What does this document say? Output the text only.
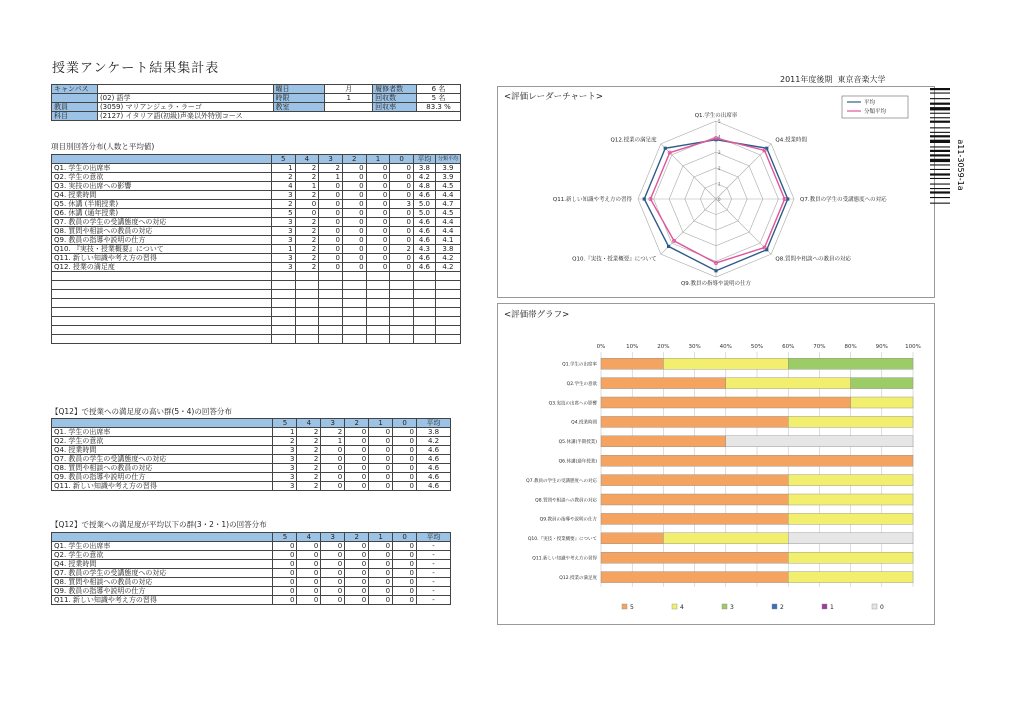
授業アンケート結果集計表
2011年度後期 東京音楽大学
キャンパス		曜日	月	履修者数	6 名
	(02) 語学	時限	1	回収数	5 名
教員	(3059) マリアンジェラ・ラーゴ	教室		回収率	83.3 %
科目	(2127) イタリア語(初級)声楽以外特別コース				
項目別回答分布(人数と平均値)
	5	4	3	2	1	0	平均	分類平均
Q1. 学生の出席率	1	2	2	0	0	0	3.8	3.9
Q2. 学生の意欲	2	2	1	0	0	0	4.2	3.9
Q3. 実技の出席への影響	4	1	0	0	0	0	4.8	4.5
Q4. 授業時間	3	2	0	0	0	0	4.6	4.4
Q5. 休講 (半期授業)	2	0	0	0	0	3	5.0	4.7
Q6. 休講 (通年授業)	5	0	0	0	0	0	5.0	4.5
Q7. 教員の学生の受講態度への対応	3	2	0	0	0	0	4.6	4.4
Q8. 質問や相談への教員の対応	3	2	0	0	0	0	4.6	4.4
Q9. 教員の指導や説明の仕方	3	2	0	0	0	0	4.6	4.1
Q10. 『実技・授業概要』について	1	2	0	0	0	2	4.3	3.8
Q11. 新しい知識や考え方の習得	3	2	0	0	0	0	4.6	4.2
Q12. 授業の満足度	3	2	0	0	0	0	4.6	4.2

【Q12】で授業への満足度の高い群(5・4)の回答分布
	5	4	3	2	1	0	平均
Q1. 学生の出席率	1	2	2	0	0	0	3.8
Q2. 学生の意欲	2	2	1	0	0	0	4.2
Q4. 授業時間	3	2	0	0	0	0	4.6
Q7. 教員の学生の受講態度への対応	3	2	0	0	0	0	4.6
Q8. 質問や相談への教員の対応	3	2	0	0	0	0	4.6
Q9. 教員の指導や説明の仕方	3	2	0	0	0	0	4.6
Q11. 新しい知識や考え方の習得	3	2	0	0	0	0	4.6
【Q12】で授業への満足度が平均以下の群(3・2・1)の回答分布
	5	4	3	2	1	0	平均
Q1. 学生の出席率	0	0	0	0	0	0	-
Q2. 学生の意欲	0	0	0	0	0	0	-
Q4. 授業時間	0	0	0	0	0	0	-
Q7. 教員の学生の受講態度への対応	0	0	0	0	0	0	-
Q8. 質問や相談への教員の対応	0	0	0	0	0	0	-
Q9. 教員の指導や説明の仕方	0	0	0	0	0	0	-
Q11. 新しい知識や考え方の習得	0	0	0	0	0	0	-
<評価レーダーチャート>
0
1
2
3
4
5
Q1.学生の出席率
Q4.授業時間
Q7.教員の学生の受講態度への対応
Q8.質問や相談への教員の対応
Q9.教員の指導や説明の仕方
Q10.『実技・授業概要』について
Q11.新しい知識や考え方の習得
Q12.授業の満足度
平均
分類平均
a11-3059-1a
<評価帯グラフ>
0%	10%	20%	30%	40%	50%	60%	70%	80%	90%	100%
Q1.学生の出席率
Q2.学生の意欲
Q3.実技の出席への影響
Q4.授業時間
Q5.休講(半期授業)
Q6.休講(通年授業)
Q7.教員の学生の受講態度への対応
Q8.質問や相談への教員の対応
Q9.教員の指導や説明の仕方
Q10.『実技・授業概要』について
Q11.新しい知識や考え方の習得
Q12.授業の満足度
5	4	3	2	1	0
